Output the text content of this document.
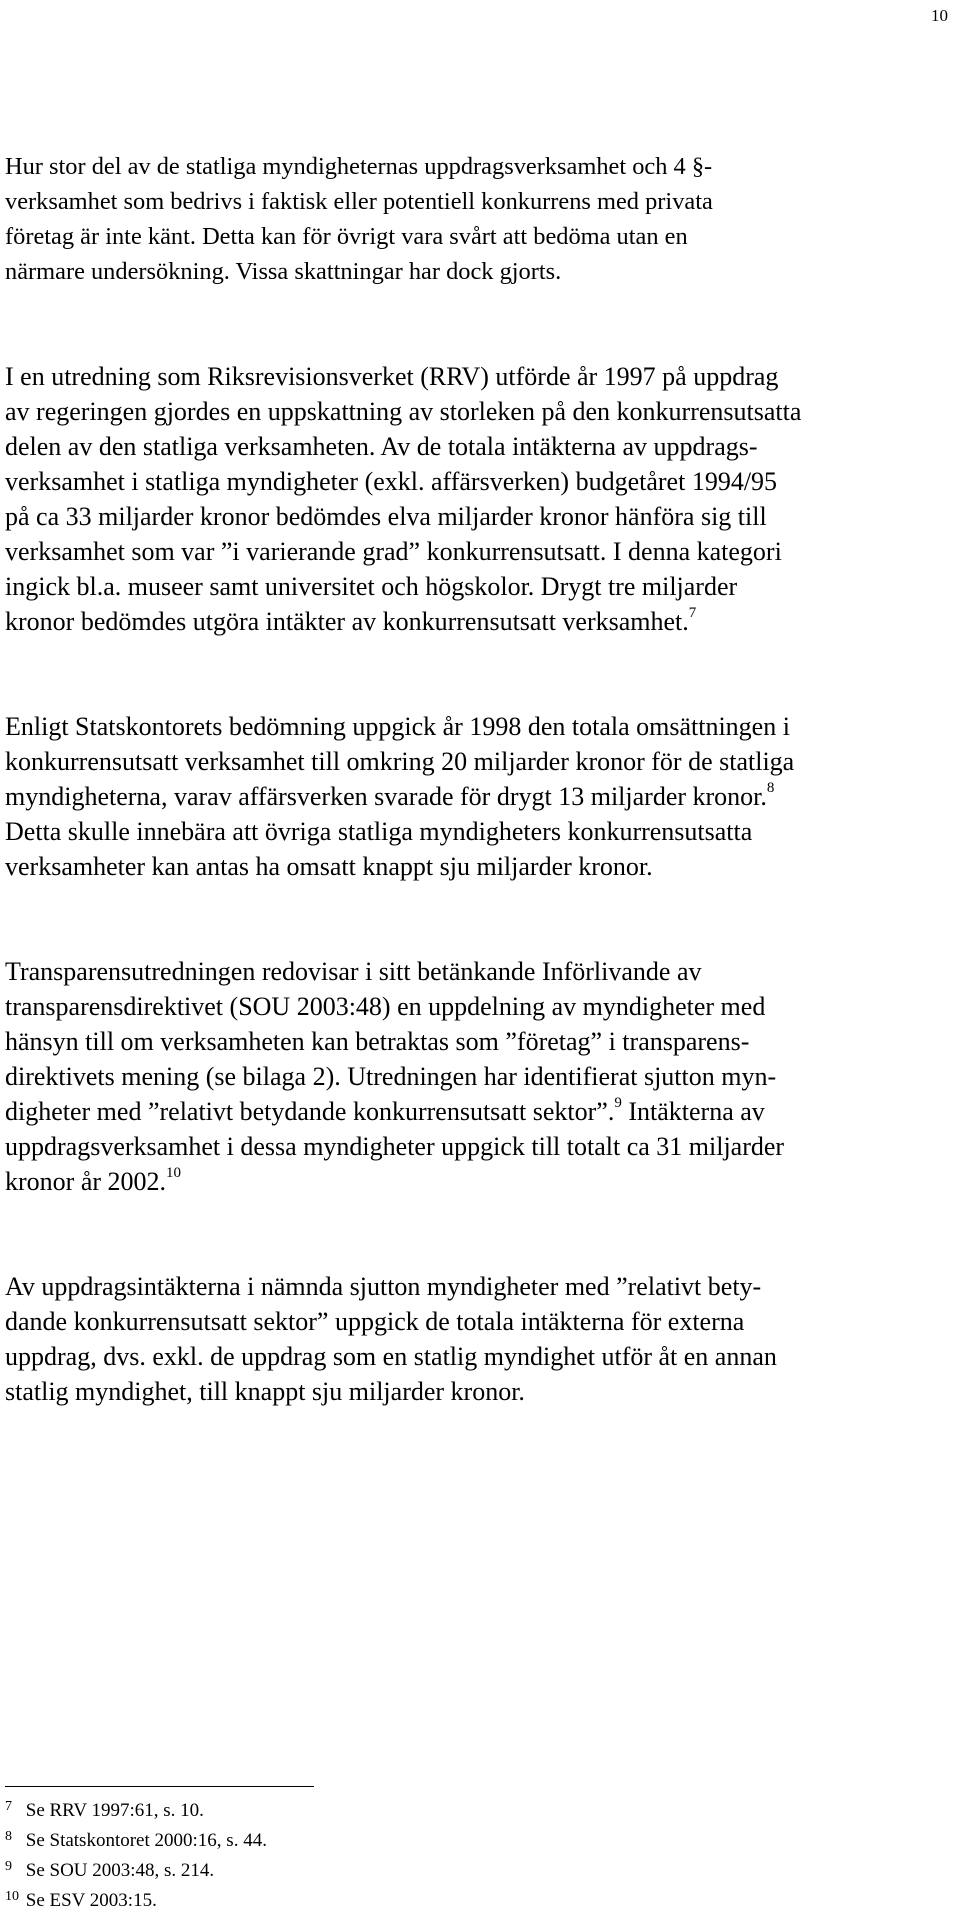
10

Hur stor del av de statliga myndigheternas uppdragsverksamhet och 4 §-
verksamhet som bedrivs i faktisk eller potentiell konkurrens med privata
företag är inte känt. Detta kan för övrigt vara svårt att bedöma utan en
närmare undersökning. Vissa skattningar har dock gjorts.

I en utredning som Riksrevisionsverket (RRV) utförde år 1997 på uppdrag
av regeringen gjordes en uppskattning av storleken på den konkurrensutsatta
delen av den statliga verksamheten. Av de totala intäkterna av uppdrags-
verksamhet i statliga myndigheter (exkl. affärsverken) budgetåret 1994/95
på ca 33 miljarder kronor bedömdes elva miljarder kronor hänföra sig till
verksamhet som var ”i varierande grad” konkurrensutsatt. I denna kategori
ingick bl.a. museer samt universitet och högskolor. Drygt tre miljarder
kronor bedömdes utgöra intäkter av konkurrensutsatt verksamhet.$^7$

Enligt Statskontorets bedömning uppgick år 1998 den totala omsättningen i
konkurrensutsatt verksamhet till omkring 20 miljarder kronor för de statliga
myndigheterna, varav affärsverken svarade för drygt 13 miljarder kronor.$^8$
Detta skulle innebära att övriga statliga myndigheters konkurrensutsatta
verksamheter kan antas ha omsatt knappt sju miljarder kronor.

Transparensutredningen redovisar i sitt betänkande Införlivande av
transparensdirektivet (SOU 2003:48) en uppdelning av myndigheter med
hänsyn till om verksamheten kan betraktas som ”företag” i transparens-
direktivets mening (se bilaga 2). Utredningen har identifierat sjutton myn-
digheter med ”relativt betydande konkurrensutsatt sektor”.$^9$ Intäkterna av
uppdragsverksamhet i dessa myndigheter uppgick till totalt ca 31 miljarder
kronor år 2002.10

Av uppdragsintäkterna i nämnda sjutton myndigheter med ”relativt bety-
dande konkurrensutsatt sektor” uppgick de totala intäkterna för externa
uppdrag, dvs. exkl. de uppdrag som en statlig myndighet utför åt en annan
statlig myndighet, till knappt sju miljarder kronor.

7 Se RRV 1997:61, s. 10.

8 Se Statskontoret 2000:16, s. 44.

9 Se SOU 2003:48, s. 214.

10 Se ESV 2003:15.
